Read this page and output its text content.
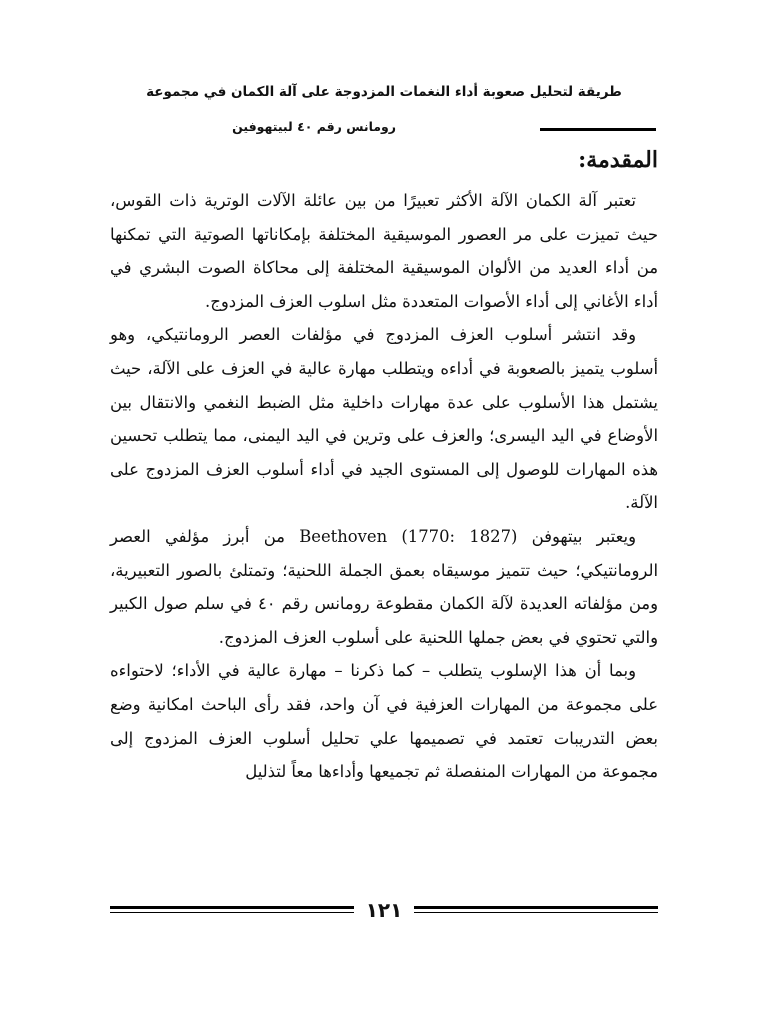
طريقة لتحليل صعوبة أداء النغمات المزدوجة على آلة الكمان في مجموعة
رومانس رقم ٤٠ لبيتهوفين
المقدمة:

تعتبر آلة الكمان الآلة الأكثر تعبيرًا من بين عائلة الآلات الوترية ذات القوس، حيث تميزت على مر العصور الموسيقية المختلفة بإمكاناتها الصوتية التي تمكنها من أداء العديد من الألوان الموسيقية المختلفة إلى محاكاة الصوت البشري في أداء الأغاني إلى أداء الأصوات المتعددة مثل اسلوب العزف المزدوج.

وقد انتشر أسلوب العزف المزدوج في مؤلفات العصر الرومانتيكي، وهو أسلوب يتميز بالصعوبة في أداءه ويتطلب مهارة عالية في العزف على الآلة، حيث يشتمل هذا الأسلوب على عدة مهارات داخلية مثل الضبط النغمي والانتقال بين الأوضاع في اليد اليسرى؛ والعزف على وترين في اليد اليمنى، مما يتطلب تحسين هذه المهارات للوصول إلى المستوى الجيد في أداء أسلوب العزف المزدوج على الآلة.

ويعتبر بيتهوفن Beethoven (1770: 1827) من أبرز مؤلفي العصر الرومانتيكي؛ حيث تتميز موسيقاه بعمق الجملة اللحنية؛ وتمتلئ بالصور التعبيرية، ومن مؤلفاته العديدة لآلة الكمان مقطوعة رومانس رقم ٤٠ في سلم صول الكبير والتي تحتوي في بعض جملها اللحنية على أسلوب العزف المزدوج.

وبما أن هذا الإسلوب يتطلب – كما ذكرنا – مهارة عالية في الأداء؛ لاحتواءه على مجموعة من المهارات العزفية في آن واحد، فقد رأى الباحث امكانية وضع بعض التدريبات تعتمد في تصميمها علي تحليل أسلوب العزف المزدوج إلى مجموعة من المهارات المنفصلة ثم تجميعها وأداءها معاً لتذليل

١٢١
